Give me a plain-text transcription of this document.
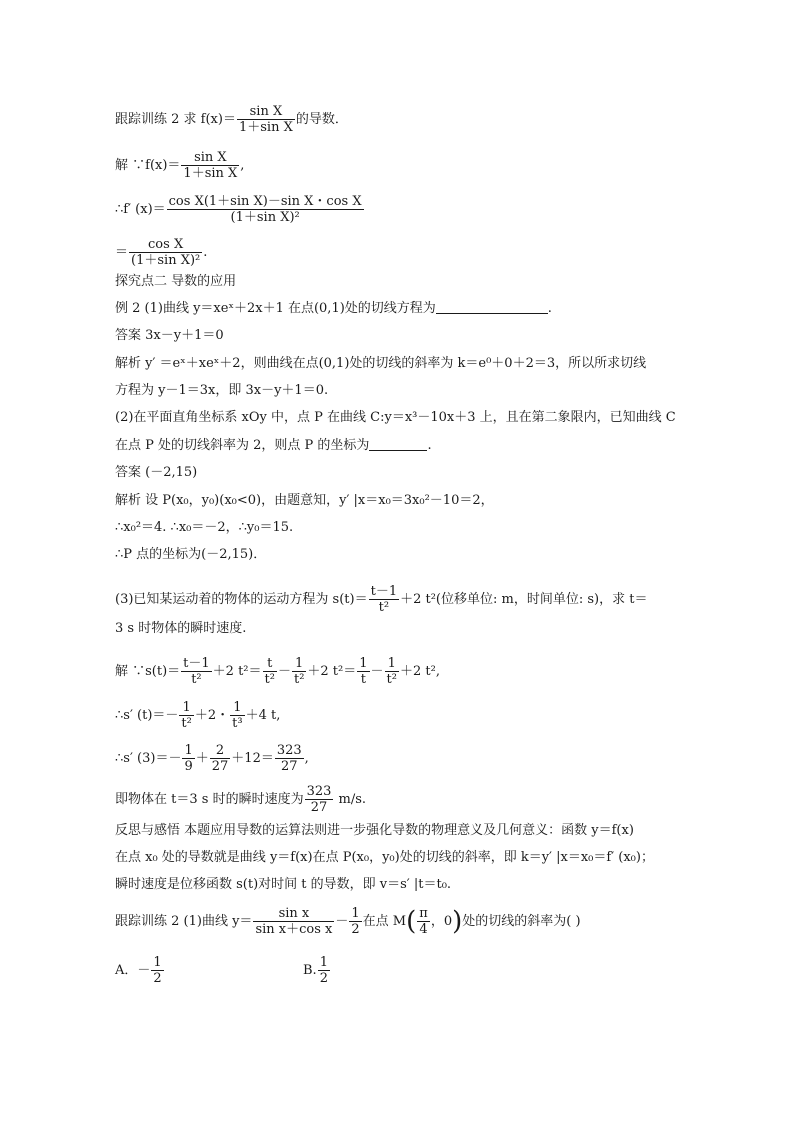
跟踪训练 2 求 $f(x)= \frac{\text{sin X}}{\text{1＋sin X}}$ 的导数．
解 ∵f(x)＝ $\frac{\text{sin X}}{\text{1＋sin X}}$ ,
∴f′ $(x)= \frac{\text{cos X(1＋sin X)－sin X・cos X}}{\text{(1＋sin X)²}}$
＝ $\frac{\text{cos X}}{\text{(1＋sin X)²}}$ .
探究点二 导数的应用
例 2 (1)曲线 y＝xeˣ＋2x＋1 在点(0,1)处的切线方程为	.
答案 3x－y＋1＝0
解析 y′ ＝eˣ＋xeˣ＋2，则曲线在点(0,1)处的切线的斜率为 k＝e⁰＋0＋2＝3，所以所求切线
方程为 y－1＝3x，即 3x－y＋1＝0.
(2)在平面直角坐标系 xOy 中，点 P 在曲线 C:y＝x³－10x＋3 上，且在第二象限内，已知曲线 C
在点 P 处的切线斜率为 2，则点 P 的坐标为	.
答案 (－2,15)
解析 设 P(x₀，y₀)(x₀<0)，由题意知，y′ |x＝x₀＝3x₀²－10＝2，
∴x₀²＝4. ∴x₀＝－2，∴y₀＝15.
∴P 点的坐标为(－2,15)．
(3)已知某运动着的物体的运动方程为 $s(t)= \frac{t-1}{\text{t²}} +2$ t²(位移单位: m，时间单位: s)，求 t＝
3 s 时物体的瞬时速度.
解 ∵s(t)＝ $\frac{t-1}{\text{t²}} +2$ $t^2= \frac{t}{\text{t²}} - \frac{1}{\text{t²}} +2$ $t^2= \frac{1}{t} - \frac{1}{\text{t²}} +2$ t²,
∴s′ $(t)=- \frac{1}{\text{t²}} +2$・ $\frac{1}{\text{t³}} +4$ t,
∴s′ $(3)=- \frac{1}{9} + \frac{2}{27} +12= \frac{323}{27}$ ,
即物体在 t＝3 s 时的瞬时速度为 $\frac{323}{27} m/s$.
反思与感悟 本题应用导数的运算法则进一步强化导数的物理意义及几何意义：函数 y＝f(x)
在点 x₀ 处的导数就是曲线 y＝f(x)在点 P(x₀，y₀)处的切线的斜率，即 k＝y′ |x＝x₀＝f′ (x₀)；
瞬时速度是位移函数 s(t)对时间 t 的导数，即 v＝s′ |t＝t₀.
跟踪训练 2 (1)曲线 $y= \frac{\text{sin x}}{\text{sin x＋cos x}} - \frac{1}{2}$ 在点 $M( \frac{\pi}{4}$ ，0)处的切线的斜率为( )
A．－ $\frac{1}{2}$	B. $\frac{1}{2}$
